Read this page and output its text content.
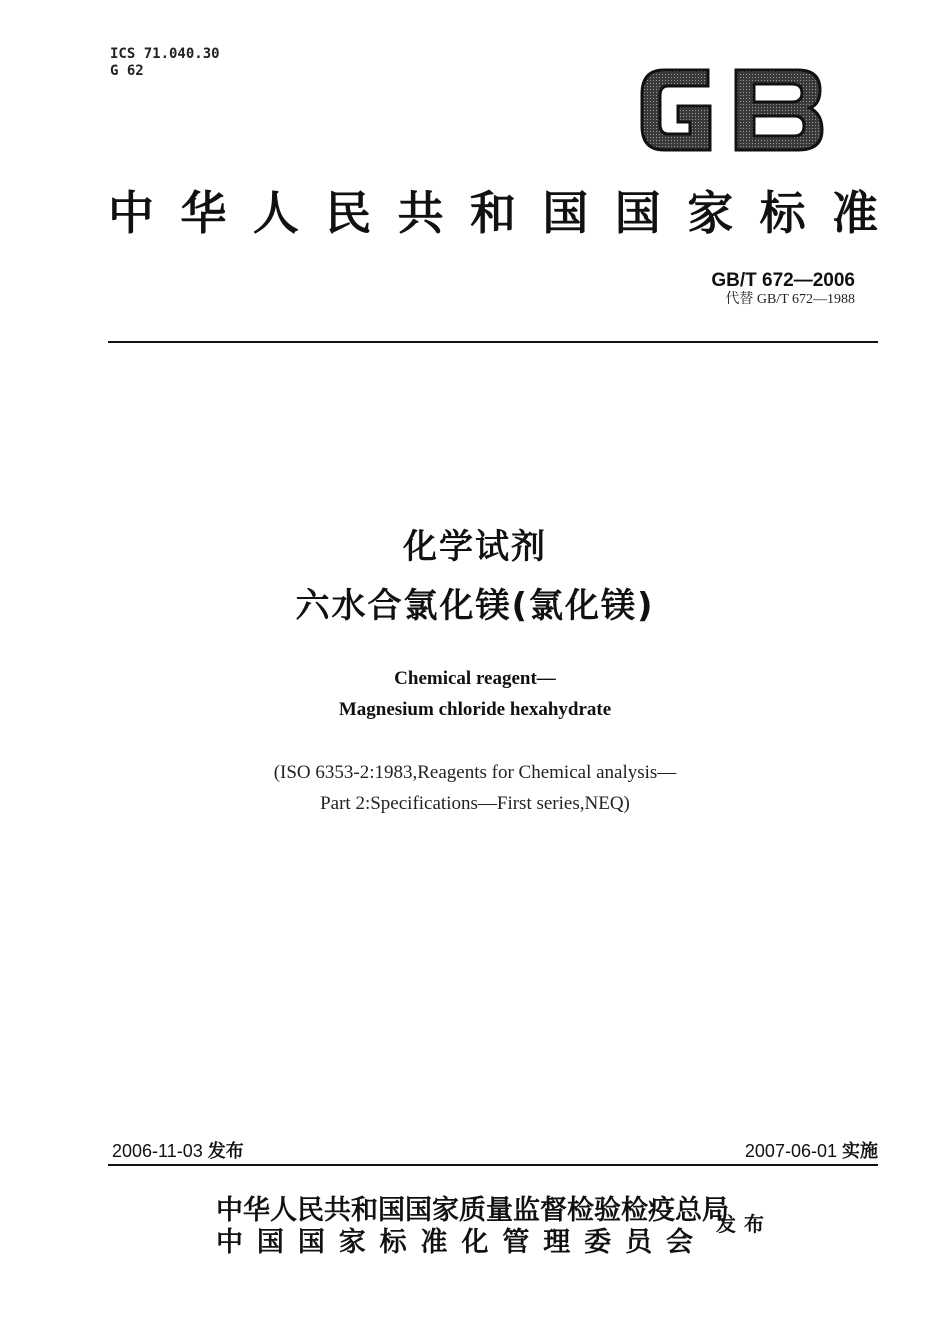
ICS 71.040.30
G 62
中华人民共和国国家标准
GB/T 672—2006
代替 GB/T 672—1988
化学试剂
六水合氯化镁(氯化镁)
Chemical reagent—
Magnesium chloride hexahydrate
(ISO 6353-2:1983,Reagents for Chemical analysis—
Part 2:Specifications—First series,NEQ)
2006-11-03 发布	2007-06-01 实施
中华人民共和国国家质量监督检验检疫总局
中国国家标准化管理委员会
发布
